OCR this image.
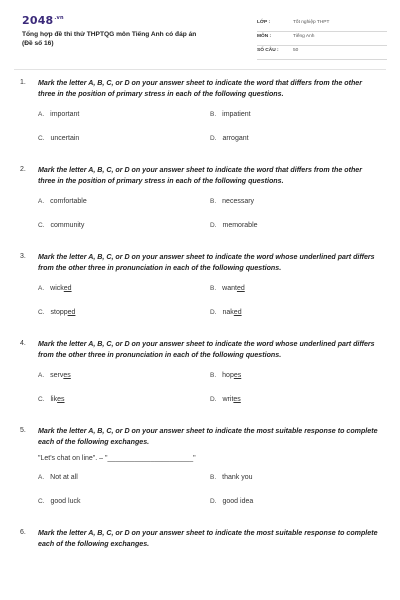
$2048^{.vn}$
Tổng hợp đề thi thử THPTQG môn Tiếng Anh có đáp án
(Đề số 16)
LỚP :	Tốt nghiệp THPT
MÔN :	Tiếng Anh
SỐ CÂU :	50
1. Mark the letter A, B, C, or D on your answer sheet to indicate the word that differs from the other three in the position of primary stress in each of the following questions.
A. important	B. impatient
C. uncertain	D. arrogant
2. Mark the letter A, B, C, or D on your answer sheet to indicate the word that differs from the other three in the position of primary stress in each of the following questions.
A. comfortable	B. necessary
C. community	D. memorable
3. Mark the letter A, B, C, or D on your answer sheet to indicate the word whose underlined part differs from the other three in pronunciation in each of the following questions.
A. wicked	B. wanted
C. stopped	D. naked
4. Mark the letter A, B, C, or D on your answer sheet to indicate the word whose underlined part differs from the other three in pronunciation in each of the following questions.
A. serves	B. hopes
C. likes	D. writes
5. Mark the letter A, B, C, or D on your answer sheet to indicate the most suitable response to complete each of the following exchanges.
"Let's chat on line". – "______________________"
A. Not at all	B. thank you
C. good luck	D. good idea
6. Mark the letter A, B, C, or D on your answer sheet to indicate the most suitable response to complete each of the following exchanges.
